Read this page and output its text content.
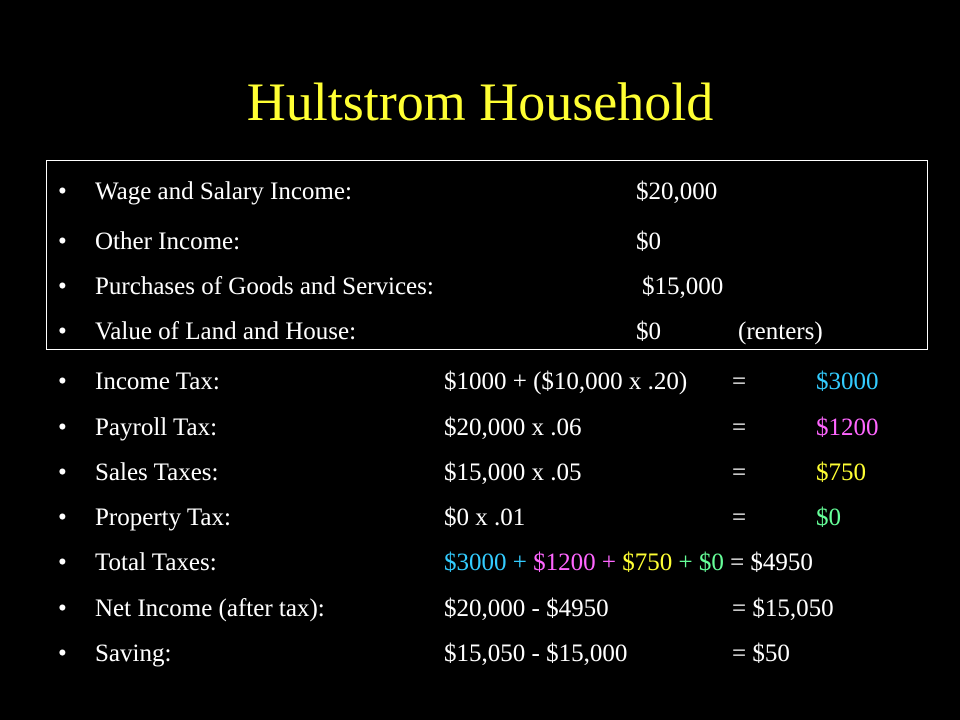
Hultstrom Household
• Wage and Salary Income:	$20,000
• Other Income:	$0
• Purchases of Goods and Services:	$15,000
• Value of Land and House:	$0	(renters)
• Income Tax:	$1000 + ($10,000 x .20) =	$3000
• Payroll Tax:	$20,000 x .06	=	$1200
• Sales Taxes:	$15,000 x .05	=	$750
• Property Tax:	$0 x .01	=	$0
• Total Taxes:	$3000 + $1200 + $750 + $0 = $4950
• Net Income (after tax):	$20,000 - $4950	= $15,050
• Saving:	$15,050 - $15,000	= $50
